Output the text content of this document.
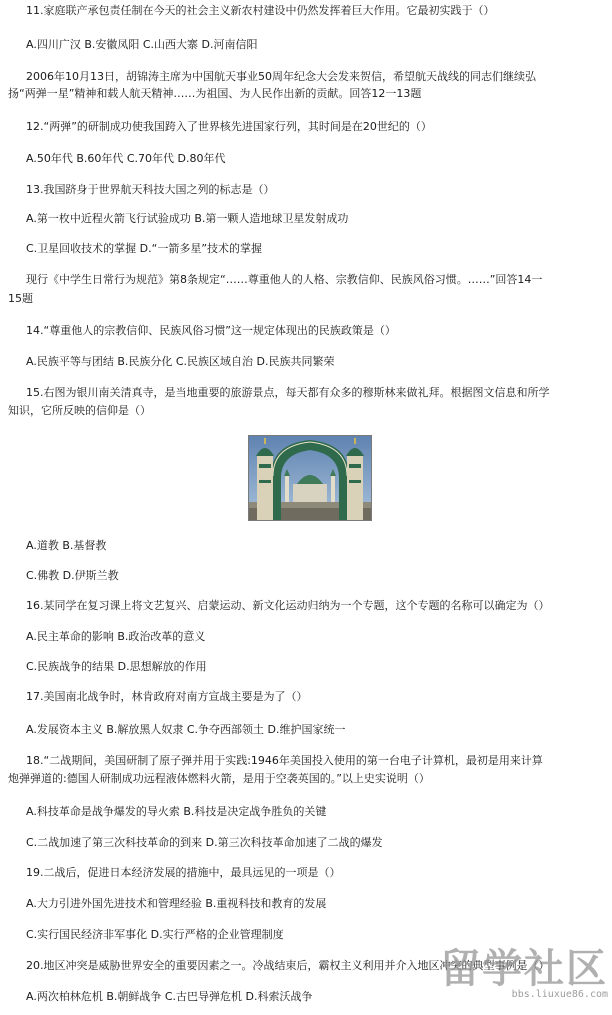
11.家庭联产承包责任制在今天的社会主义新农村建设中仍然发挥着巨大作用。它最初实践于（）
A.四川广汉 B.安徽凤阳 C.山西大寨 D.河南信阳
2006年10月13日，胡锦涛主席为中国航天事业50周年纪念大会发来贺信，希望航天战线的同志们继续弘
扬“两弹一星”精神和载人航天精神……为祖国、为人民作出新的贡献。回答12一13题
12.“两弹”的研制成功使我国跨入了世界核先进国家行列，其时间是在20世纪的（）
A.50年代 B.60年代 C.70年代 D.80年代
13.我国跻身于世界航天科技大国之列的标志是（）
A.第一枚中近程火箭飞行试验成功 B.第一颗人造地球卫星发射成功
C.卫星回收技术的掌握 D.“一箭多星”技术的掌握
现行《中学生日常行为规范》第8条规定“……尊重他人的人格、宗教信仰、民族风俗习惯。……”回答14一
15题
14.“尊重他人的宗教信仰、民族风俗习惯”这一规定体现出的民族政策是（）
A.民族平等与团结 B.民族分化 C.民族区域自治 D.民族共同繁荣
15.右图为银川南关清真寺，是当地重要的旅游景点，每天都有众多的穆斯林来做礼拜。根据图文信息和所学
知识，它所反映的信仰是（）
A.道教 B.基督教
C.佛教 D.伊斯兰教
16.某同学在复习课上将文艺复兴、启蒙运动、新文化运动归纳为一个专题，这个专题的名称可以确定为（）
A.民主革命的影响 B.政治改革的意义
C.民族战争的结果 D.思想解放的作用
17.美国南北战争时，林肯政府对南方宣战主要是为了（）
A.发展资本主义 B.解放黑人奴隶 C.争夺西部领土 D.维护国家统一
18.“二战期间，美国研制了原子弹并用于实践:1946年美国投入使用的第一台电子计算机，最初是用来计算
炮弹弹道的:德国人研制成功远程液体燃料火箭，是用于空袭英国的。”以上史实说明（）
A.科技革命是战争爆发的导火索 B.科技是决定战争胜负的关键
C.二战加速了第三次科技革命的到来 D.第三次科技革命加速了二战的爆发
19.二战后，促进日本经济发展的措施中，最具远见的一项是（）
A.大力引进外国先进技术和管理经验 B.重视科技和教育的发展
C.实行国民经济非军事化 D.实行严格的企业管理制度
20.地区冲突是威胁世界安全的重要因素之一。冷战结束后，霸权主义利用并介入地区冲突的典型事例是（）
A.两次柏林危机 B.朝鲜战争 C.古巴导弹危机 D.科索沃战争
留学社区
bbs.liuxue86.com
